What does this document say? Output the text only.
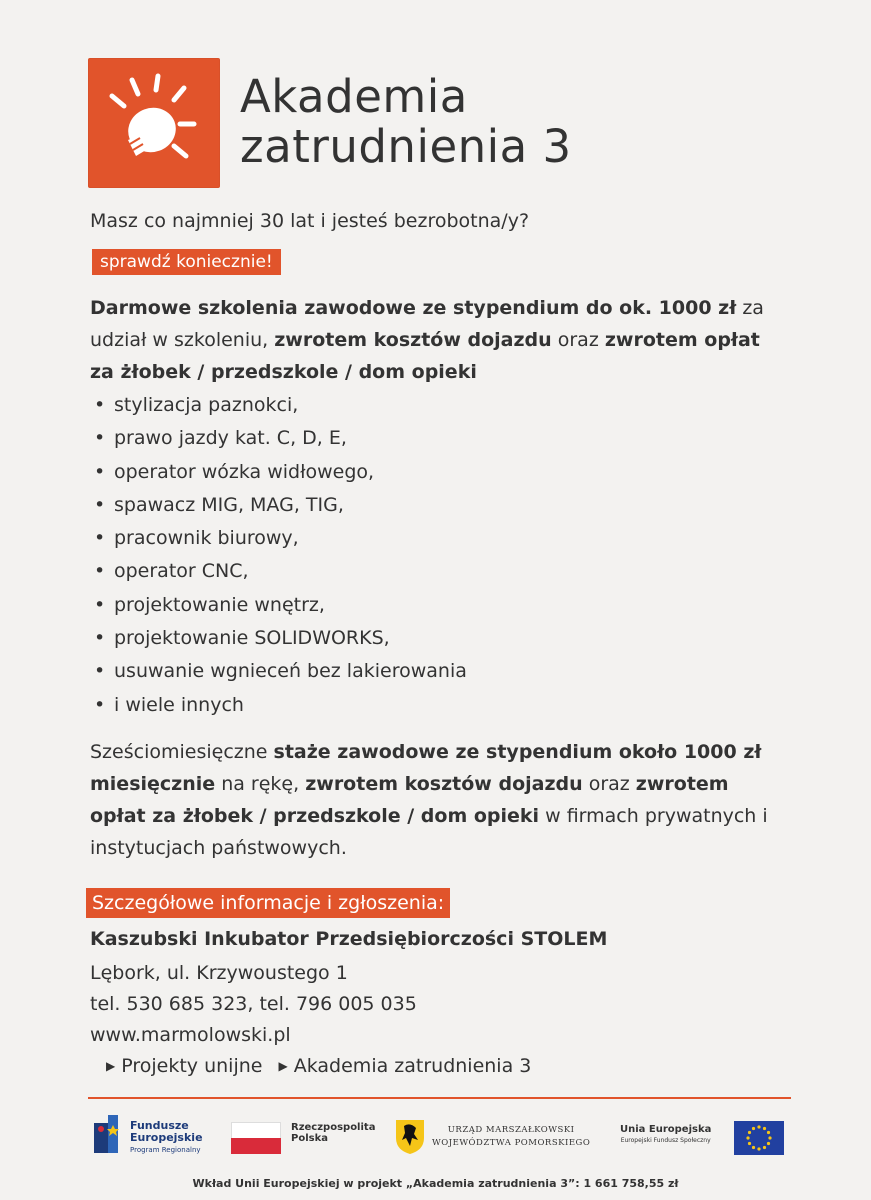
Akademia
zatrudnienia 3
Masz co najmniej 30 lat i jesteś bezrobotna/y?
sprawdź koniecznie!
Darmowe szkolenia zawodowe ze stypendium do ok. 1000 zł za udział w szkoleniu, zwrotem kosztów dojazdu oraz zwrotem opłat za żłobek / przedszkole / dom opieki
• stylizacja paznokci,
• prawo jazdy kat. C, D, E,
• operator wózka widłowego,
• spawacz MIG, MAG, TIG,
• pracownik biurowy,
• operator CNC,
• projektowanie wnętrz,
• projektowanie SOLIDWORKS,
• usuwanie wgnieceń bez lakierowania
• i wiele innych
Sześciomiesięczne staże zawodowe ze stypendium około 1000 zł miesięcznie na rękę, zwrotem kosztów dojazdu oraz zwrotem opłat za żłobek / przedszkole / dom opieki w firmach prywatnych i instytucjach państwowych.
Szczegółowe informacje i zgłoszenia:
Kaszubski Inkubator Przedsiębiorczości STOLEM
Lębork, ul. Krzywoustego 1
tel. 530 685 323, tel. 796 005 035
www.marmolowski.pl
▶ Projekty unijne ▶ Akademia zatrudnienia 3
Fundusze
Europejskie
Program Regionalny
Rzeczpospolita
Polska
URZĄD MARSZAŁKOWSKI
WOJEWÓDZTWA POMORSKIEGO
Unia Europejska
Europejski Fundusz Społeczny
Wkład Unii Europejskiej w projekt „Akademia zatrudnienia 3”: 1 661 758,55 zł
